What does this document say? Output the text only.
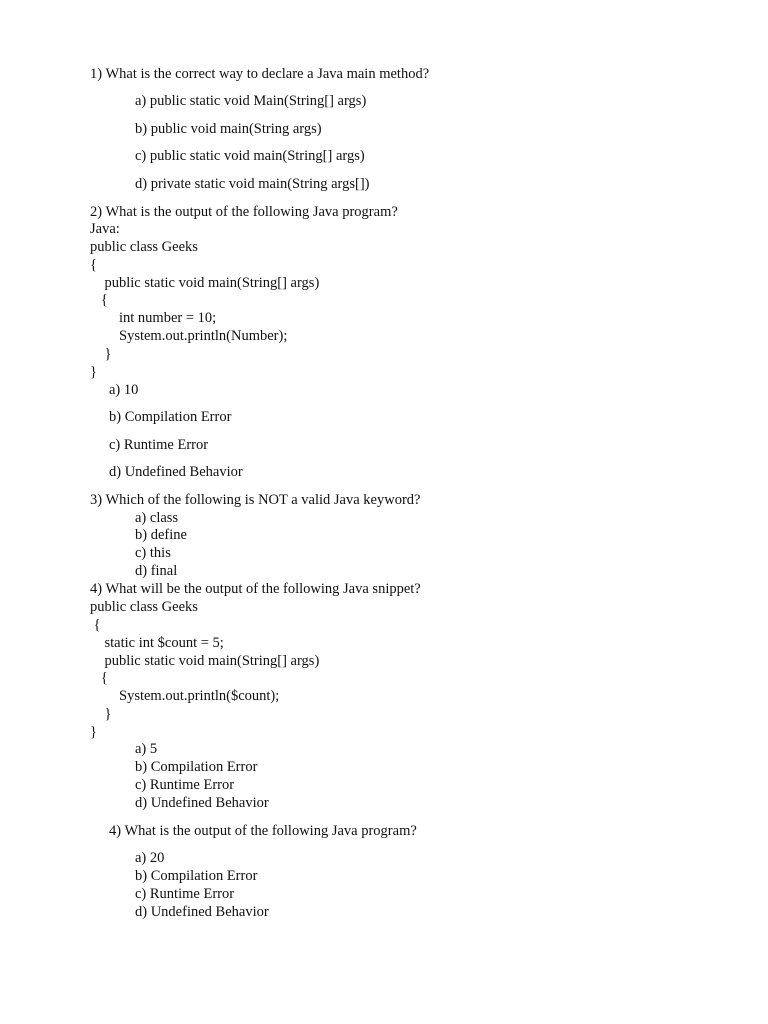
1) What is the correct way to declare a Java main method?

a) public static void Main(String[] args)

b) public void main(String args)

c) public static void main(String[] args)

d) private static void main(String args[])

2) What is the output of the following Java program?

Java:

public class Geeks

{

public static void main(String[] args)

{

int number = 10;

System.out.println(Number);

}

}

a) 10

b) Compilation Error

c) Runtime Error

d) Undefined Behavior

3) Which of the following is NOT a valid Java keyword?

a) class

b) define

c) this

d) final

4) What will be the output of the following Java snippet?

public class Geeks

{

static int $count = 5;

public static void main(String[] args)

{

System.out.println($count);

}

}

a) 5

b) Compilation Error

c) Runtime Error

d) Undefined Behavior

4) What is the output of the following Java program?

a) 20

b) Compilation Error

c) Runtime Error

d) Undefined Behavior
